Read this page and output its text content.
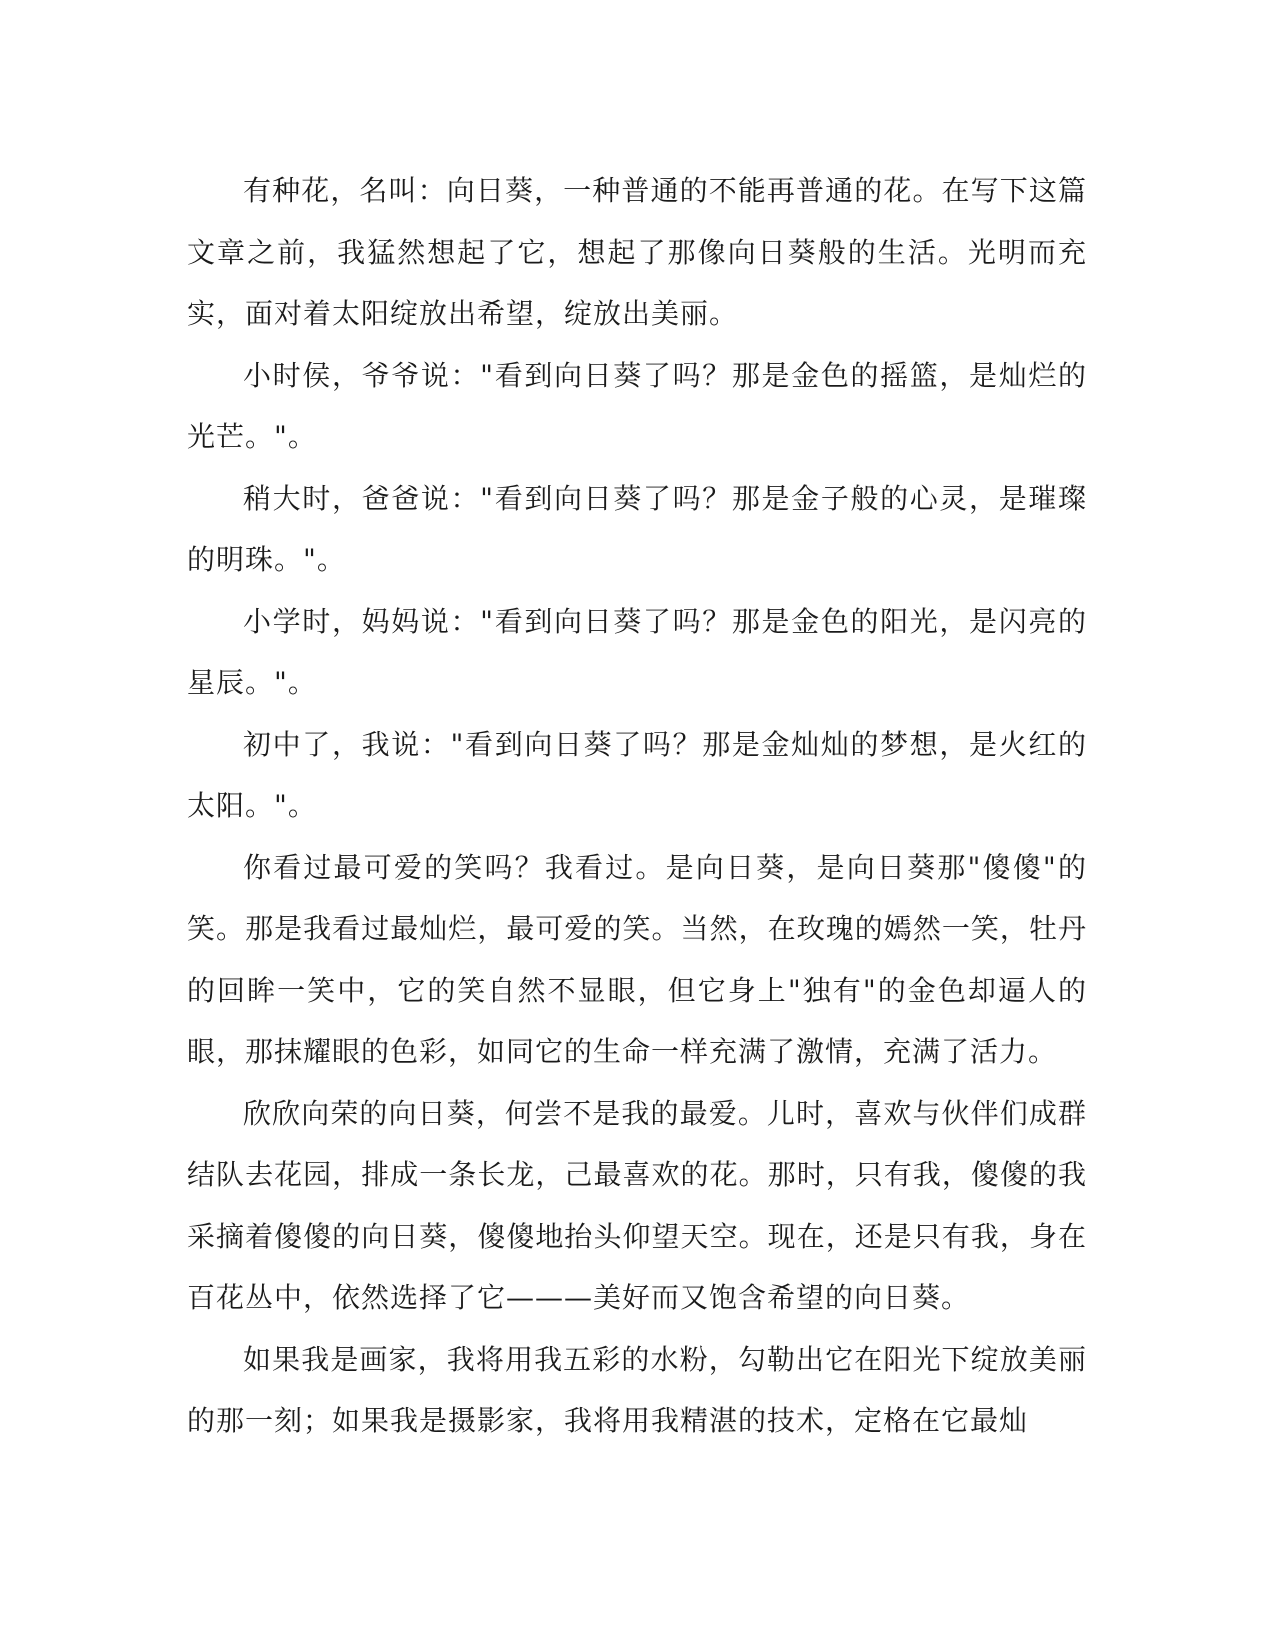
有种花，名叫：向日葵，一种普通的不能再普通的花。在写下这篇文章之前，我猛然想起了它，想起了那像向日葵般的生活。光明而充实，面对着太阳绽放出希望，绽放出美丽。

小时侯，爷爷说："看到向日葵了吗？那是金色的摇篮，是灿烂的光芒。"。

稍大时，爸爸说："看到向日葵了吗？那是金子般的心灵，是璀璨的明珠。"。

小学时，妈妈说："看到向日葵了吗？那是金色的阳光，是闪亮的星辰。"。

初中了，我说："看到向日葵了吗？那是金灿灿的梦想，是火红的太阳。"。

你看过最可爱的笑吗？我看过。是向日葵，是向日葵那"傻傻"的笑。那是我看过最灿烂，最可爱的笑。当然，在玫瑰的嫣然一笑，牡丹的回眸一笑中，它的笑自然不显眼，但它身上"独有"的金色却逼人的眼，那抹耀眼的色彩，如同它的生命一样充满了激情，充满了活力。

欣欣向荣的向日葵，何尝不是我的最爱。儿时，喜欢与伙伴们成群结队去花园，排成一条长龙，己最喜欢的花。那时，只有我，傻傻的我采摘着傻傻的向日葵，傻傻地抬头仰望天空。现在，还是只有我，身在百花丛中，依然选择了它———美好而又饱含希望的向日葵。

如果我是画家，我将用我五彩的水粉，勾勒出它在阳光下绽放美丽的那一刻；如果我是摄影家，我将用我精湛的技术，定格在它最灿
